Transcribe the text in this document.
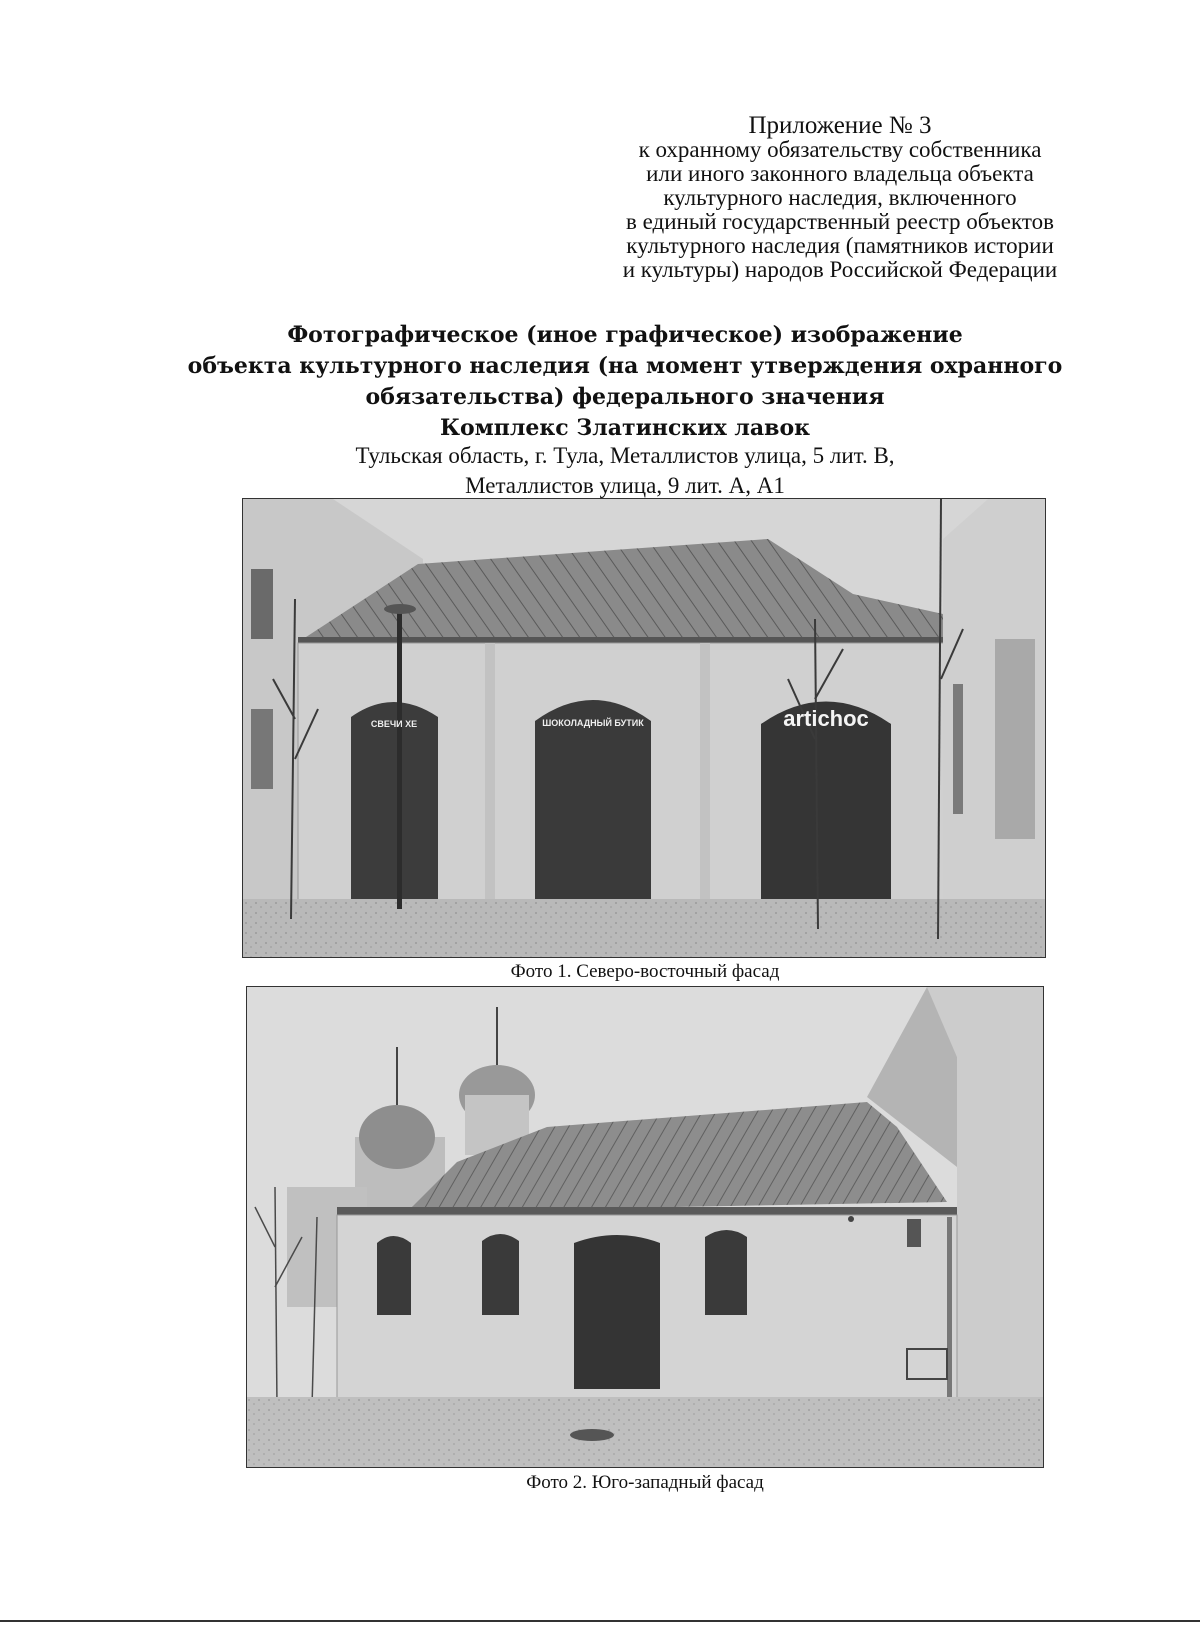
Приложение № 3
к охранному обязательству собственника
или иного законного владельца объекта
культурного наследия, включенного
в единый государственный реестр объектов
культурного наследия (памятников истории
и культуры) народов Российской Федерации
Фотографическое (иное графическое) изображение
объекта культурного наследия (на момент утверждения охранного
обязательства) федерального значения
Комплекс Златинских лавок
Тульская область, г. Тула, Металлистов улица, 5 лит. В,
Металлистов улица, 9 лит. А, А1
СВЕЧИ ХЕ	ШОКОЛАДНЫЙ БУТИК	artichoc
Фото 1. Северо-восточный фасад
Фото 2. Юго-западный фасад
